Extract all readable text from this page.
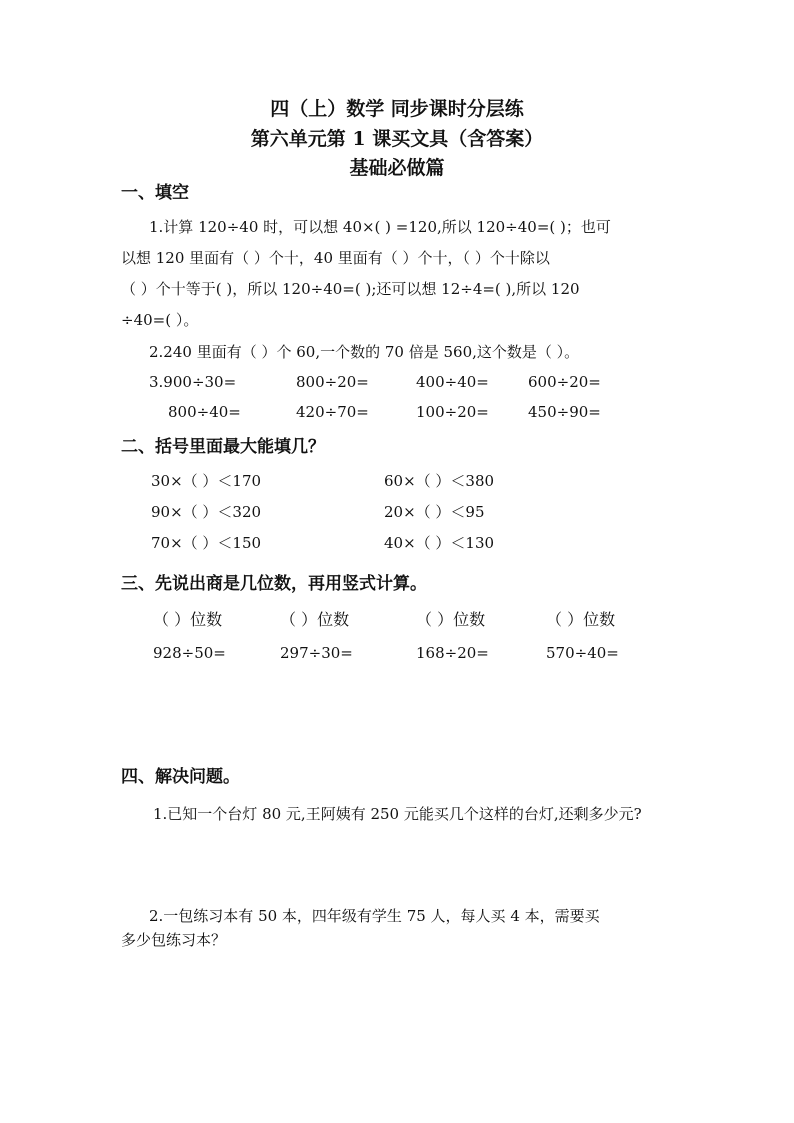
四（上）数学 同步课时分层练
第六单元第 1 课买文具（含答案）
基础必做篇
一、填空
1.计算 120÷40 时，可以想 40×( ) =120,所以 120÷40=( )；也可
以想 120 里面有（ ）个十，40 里面有（ ）个十，（ ）个十除以
（ ）个十等于( )，所以 120÷40=( );还可以想 12÷4=( ),所以 120
÷40=( ）。
2.240 里面有（ ）个 60,一个数的 70 倍是 560,这个数是（ ）。
3.900÷30=	800÷20=	400÷40=	600÷20=
800÷40=	420÷70=	100÷20=	450÷90=
二、括号里面最大能填几？
30×（ ）＜170	60×（ ）＜380
90×（ ）＜320	20×（ ）＜95
70×（ ）＜150	40×（ ）＜130
三、先说出商是几位数，再用竖式计算。
（ ）位数	（ ）位数	（ ）位数	（ ）位数
928÷50=	297÷30=	168÷20=	570÷40=
四、解决问题。
1.已知一个台灯 80 元,王阿姨有 250 元能买几个这样的台灯,还剩多少元?
2.一包练习本有 50 本，四年级有学生 75 人，每人买 4 本，需要买
多少包练习本？
